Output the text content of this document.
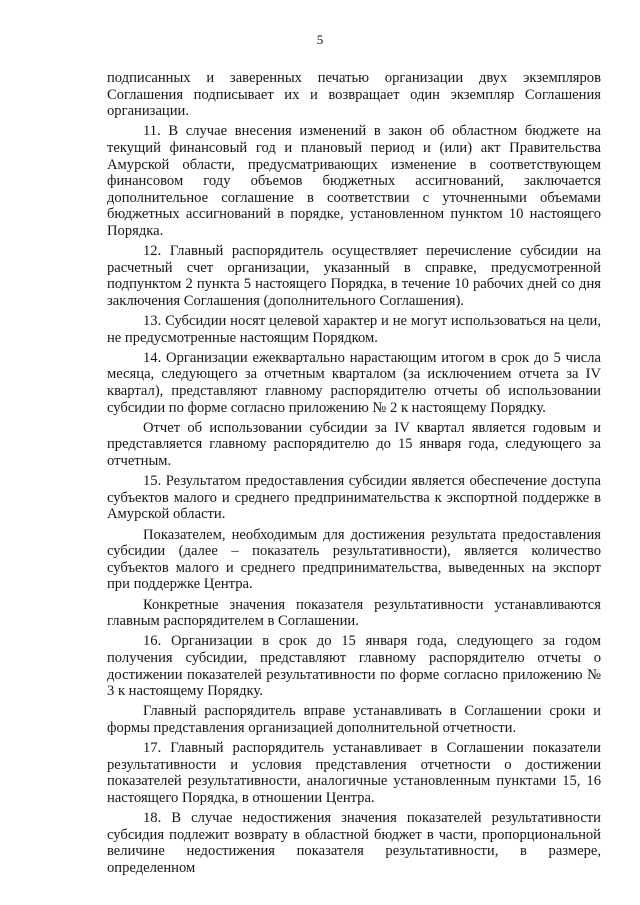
5

подписанных и заверенных печатью организации двух экземпляров Соглашения подписывает их и возвращает один экземпляр Соглашения организации.

11. В случае внесения изменений в закон об областном бюджете на текущий финансовый год и плановый период и (или) акт Правительства Амурской области, предусматривающих изменение в соответствующем финансовом году объемов бюджетных ассигнований, заключается дополнительное соглашение в соответствии с уточненными объемами бюджетных ассигнований в порядке, установленном пунктом 10 настоящего Порядка.

12. Главный распорядитель осуществляет перечисление субсидии на расчетный счет организации, указанный в справке, предусмотренной подпунктом 2 пункта 5 настоящего Порядка, в течение 10 рабочих дней со дня заключения Соглашения (дополнительного Соглашения).

13. Субсидии носят целевой характер и не могут использоваться на цели, не предусмотренные настоящим Порядком.

14. Организации ежеквартально нарастающим итогом в срок до 5 числа месяца, следующего за отчетным кварталом (за исключением отчета за IV квартал), представляют главному распорядителю отчеты об использовании субсидии по форме согласно приложению № 2 к настоящему Порядку.

Отчет об использовании субсидии за IV квартал является годовым и представляется главному распорядителю до 15 января года, следующего за отчетным.

15. Результатом предоставления субсидии является обеспечение доступа субъектов малого и среднего предпринимательства к экспортной поддержке в Амурской области.

Показателем, необходимым для достижения результата предоставления субсидии (далее – показатель результативности), является количество субъектов малого и среднего предпринимательства, выведенных на экспорт при поддержке Центра.

Конкретные значения показателя результативности устанавливаются главным распорядителем в Соглашении.

16. Организации в срок до 15 января года, следующего за годом получения субсидии, представляют главному распорядителю отчеты о достижении показателей результативности по форме согласно приложению № 3 к настоящему Порядку.

Главный распорядитель вправе устанавливать в Соглашении сроки и формы представления организацией дополнительной отчетности.

17. Главный распорядитель устанавливает в Соглашении показатели результативности и условия представления отчетности о достижении показателей результативности, аналогичные установленным пунктами 15, 16 настоящего Порядка, в отношении Центра.

18. В случае недостижения значения показателей результативности субсидия подлежит возврату в областной бюджет в части, пропорциональной величине недостижения показателя результативности, в размере, определенном
